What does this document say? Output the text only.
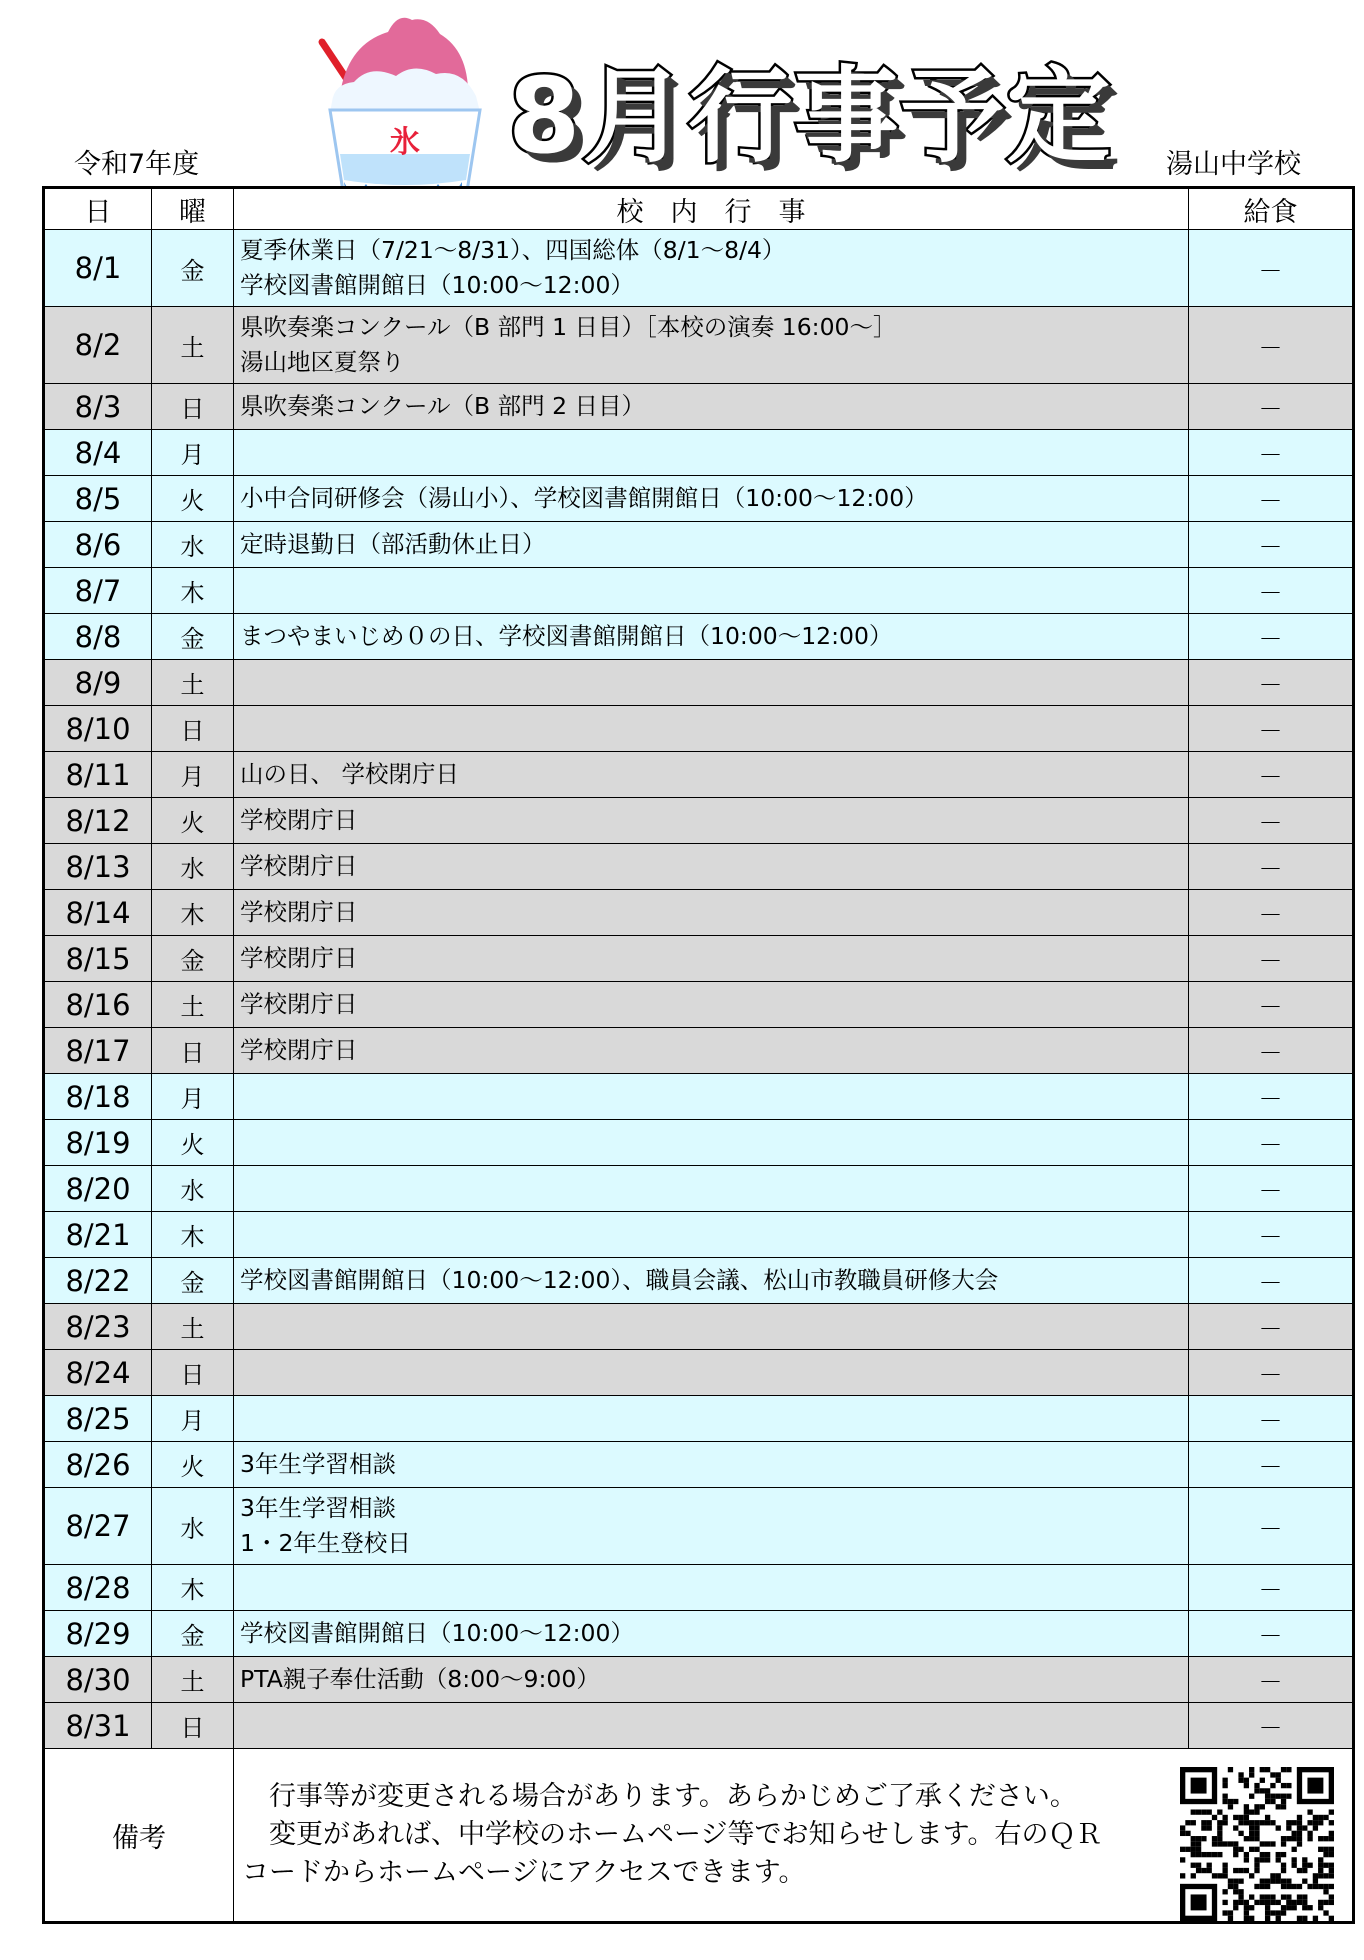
令和7年度
氷 8月行事予定 湯山中学校
日	曜	校　内　行　事	給食
8/1	金	夏季休業日（7/21～8/31）、四国総体（8/1～8/4）
学校図書館開館日（10:00～12:00）	－
8/2	土	県吹奏楽コンクール（B 部門 1 日目）［本校の演奏 16:00～］
湯山地区夏祭り	－
8/3	日	県吹奏楽コンクール（B 部門 2 日目）	－
8/4	月		－
8/5	火	小中合同研修会（湯山小）、学校図書館開館日（10:00～12:00）	－
8/6	水	定時退勤日（部活動休止日）	－
8/7	木		－
8/8	金	まつやまいじめ０の日、学校図書館開館日（10:00～12:00）	－
8/9	土		－
8/10	日		－
8/11	月	山の日、 学校閉庁日	－
8/12	火	学校閉庁日	－
8/13	水	学校閉庁日	－
8/14	木	学校閉庁日	－
8/15	金	学校閉庁日	－
8/16	土	学校閉庁日	－
8/17	日	学校閉庁日	－
8/18	月		－
8/19	火		－
8/20	水		－
8/21	木		－
8/22	金	学校図書館開館日（10:00～12:00）、職員会議、松山市教職員研修大会	－
8/23	土		－
8/24	日		－
8/25	月		－
8/26	火	3年生学習相談	－
8/27	水	3年生学習相談
1・2年生登校日	－
8/28	木		－
8/29	金	学校図書館開館日（10:00～12:00）	－
8/30	土	PTA親子奉仕活動（8:00～9:00）	－
8/31	日		－
備考		　行事等が変更される場合があります。あらかじめご了承ください。
　変更があれば、中学校のホームページ等でお知らせします。右のＱＲ
コードからホームページにアクセスできます。	
